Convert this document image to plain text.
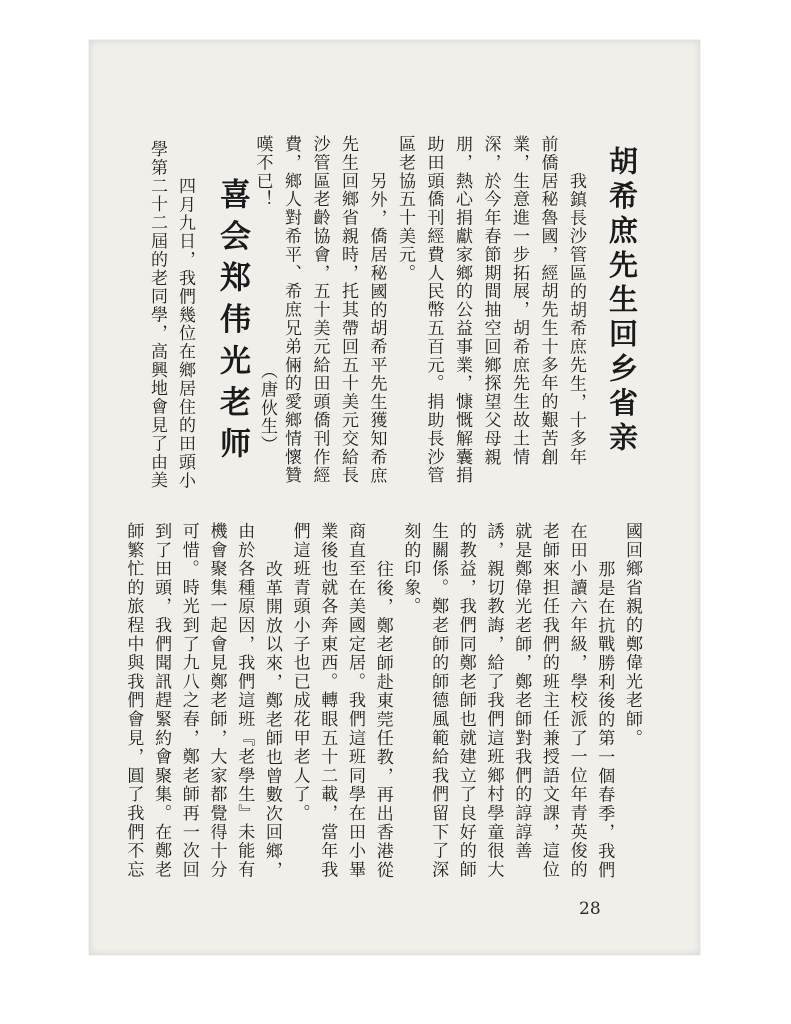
胡希庶先生回乡省亲
（唐伙生）
喜会郑伟光老师
28
我鎮長沙管區的胡希庶先生，十多年
前僑居秘魯國，經胡先生十多年的艱苦創
業，生意進一步拓展，胡希庶先生故土情
深，於今年春節期間抽空回鄉探望父母親
朋，熱心捐獻家鄉的公益事業，慷慨解囊捐
助田頭僑刊經費人民幣五百元。捐助長沙管
區老協五十美元。
另外，僑居秘國的胡希平先生獲知希庶
先生回鄉省親時，托其帶回五十美元交給長
沙管區老齡協會，五十美元給田頭僑刊作經
費，鄉人對希平、希庶兄弟倆的愛鄉情懷贊
嘆不已！
四月九日，我們幾位在鄉居住的田頭小
學第二十二屆的老同學，高興地會見了由美
國回鄉省親的鄭偉光老師。
那是在抗戰勝利後的第一個春季，我們
在田小讀六年級，學校派了一位年青英俊的
老師來担任我們的班主任兼授語文課，這位
就是鄭偉光老師，鄭老師對我們的諄諄善
誘，親切教誨，給了我們這班鄉村學童很大
的教益，我們同鄭老師也就建立了良好的師
生關係。鄭老師的師德風範給我們留下了深
刻的印象。
往後，鄭老師赴東莞任教，再出香港從
商直至在美國定居。我們這班同學在田小畢
業後也就各奔東西。轉眼五十二載，當年我
們這班青頭小子也已成花甲老人了。
改革開放以來，鄭老師也曾數次回鄉，
由於各種原因，我們這班『老學生』未能有
機會聚集一起會見鄭老師，大家都覺得十分
可惜。時光到了九八之春，鄭老師再一次回
到了田頭，我們聞訊趕緊約會聚集。在鄭老
師繁忙的旅程中與我們會見，圓了我們不忘
